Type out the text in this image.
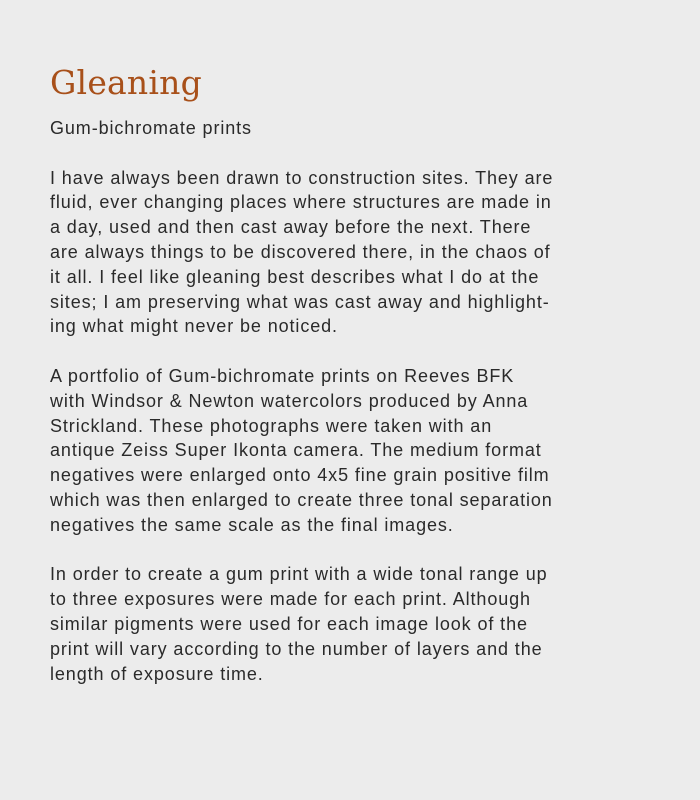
Gleaning

Gum-bichromate prints

I have always been drawn to construction sites. They are
fluid, ever changing places where structures are made in
a day, used and then cast away before the next. There
are always things to be discovered there, in the chaos of
it all. I feel like gleaning best describes what I do at the
sites; I am preserving what was cast away and highlight-
ing what might never be noticed.

A portfolio of Gum-bichromate prints on Reeves BFK
with Windsor & Newton watercolors produced by Anna
Strickland. These photographs were taken with an
antique Zeiss Super Ikonta camera. The medium format
negatives were enlarged onto 4x5 fine grain positive film
which was then enlarged to create three tonal separation
negatives the same scale as the final images.

In order to create a gum print with a wide tonal range up
to three exposures were made for each print. Although
similar pigments were used for each image look of the
print will vary according to the number of layers and the
length of exposure time.
